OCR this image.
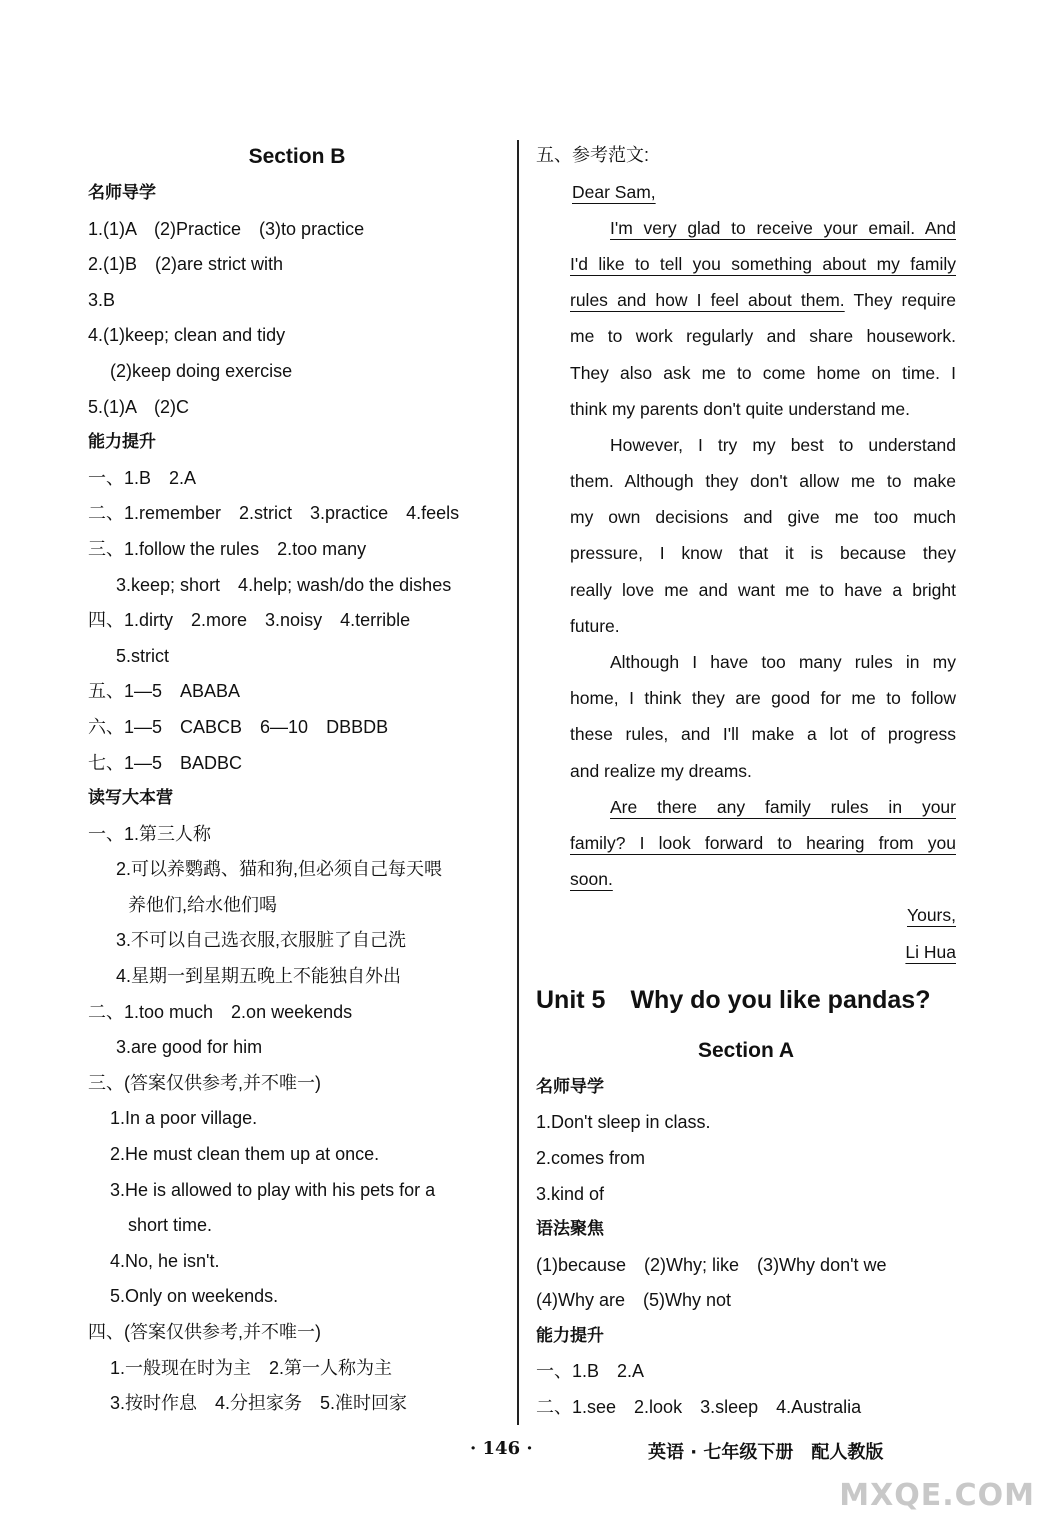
Section B
名师导学
1.(1)A　(2)Practice　(3)to practice
2.(1)B　(2)are strict with
3.B
4.(1)keep; clean and tidy
(2)keep doing exercise
5.(1)A　(2)C
能力提升
一、1.B　2.A
二、1.remember　2.strict　3.practice　4.feels
三、1.follow the rules　2.too many
3.keep; short　4.help; wash/do the dishes
四、1.dirty　2.more　3.noisy　4.terrible
5.strict
五、1—5　ABABA
六、1—5　CABCB　6—10　DBBDB
七、1—5　BADBC
读写大本营
一、1.第三人称
2.可以养鹦鹉、猫和狗,但必须自己每天喂
养他们,给水他们喝
3.不可以自己选衣服,衣服脏了自己洗
4.星期一到星期五晚上不能独自外出
二、1.too much　2.on weekends
3.are good for him
三、(答案仅供参考,并不唯一)
1.In a poor village.
2.He must clean them up at once.
3.He is allowed to play with his pets for a
short time.
4.No, he isn't.
5.Only on weekends.
四、(答案仅供参考,并不唯一)
1.一般现在时为主　2.第一人称为主
3.按时作息　4.分担家务　5.准时回家
五、参考范文:
Dear Sam,
I'm very glad to receive your email. And
I'd like to tell you something about my family
rules and how I feel about them. They require
me to work regularly and share housework.
They also ask me to come home on time. I
think my parents don't quite understand me.
However, I try my best to understand
them. Although they don't allow me to make
my own decisions and give me too much
pressure, I know that it is because they
really love me and want me to have a bright
future.
Although I have too many rules in my
home, I think they are good for me to follow
these rules, and I'll make a lot of progress
and realize my dreams.
Are there any family rules in your
family? I look forward to hearing from you
soon.
Yours,
Li Hua
Unit 5　Why do you like pandas?
Section A
名师导学
1.Don't sleep in class.
2.comes from
3.kind of
语法聚焦
(1)because　(2)Why; like　(3)Why don't we
(4)Why are　(5)Why not
能力提升
一、1.B　2.A
二、1.see　2.look　3.sleep　4.Australia
· 146 ·	英语 · 七年级下册　配人教版
MXQE.COM
